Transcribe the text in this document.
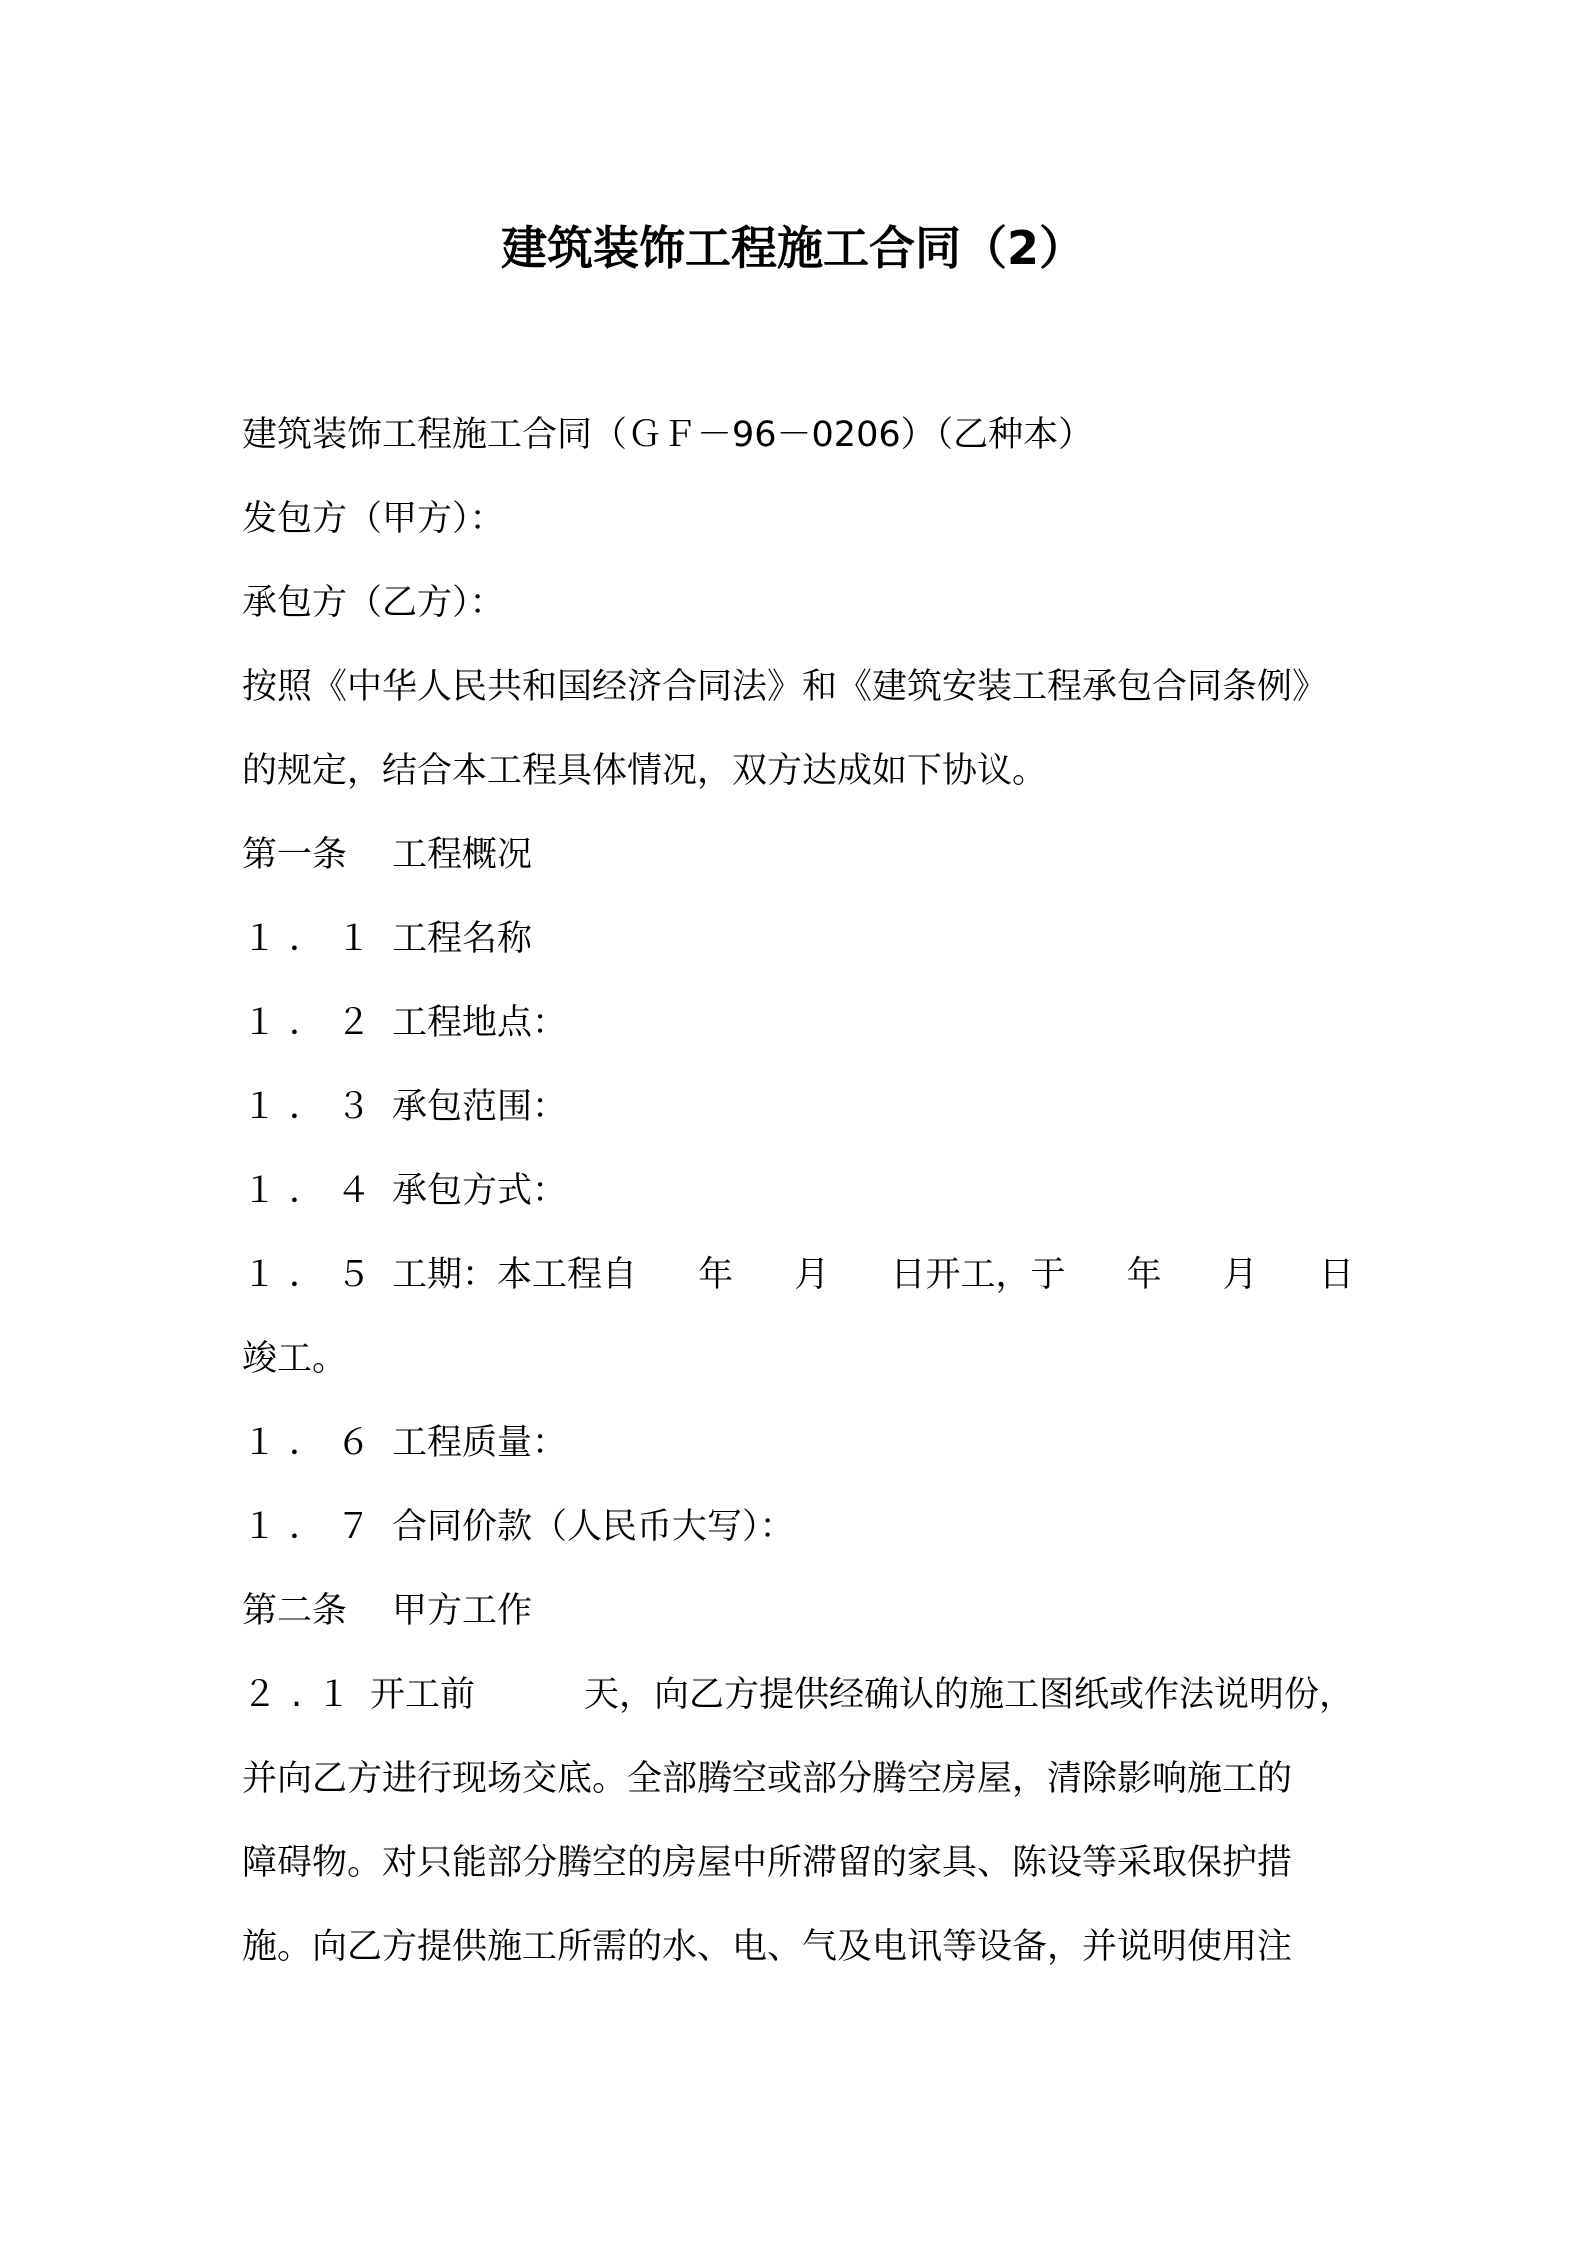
建筑装饰工程施工合同（2）
建筑装饰工程施工合同（ＧＦ－96－0206）（乙种本）
发包方（甲方）：
承包方（乙方）：
按照《中华人民共和国经济合同法》和《建筑安装工程承包合同条例》
的规定，结合本工程具体情况，双方达成如下协议。
第一条 工程概况
１．１ 工程名称
１．２ 工程地点：
１．３ 承包范围：
１．４ 承包方式：
１．５ 工期：本工程自 年 月 日开工，于 年 月 日
竣工。
１．６ 工程质量：
１．７ 合同价款（人民币大写）：
第二条 甲方工作
２.１ 开工前	天，向乙方提供经确认的施工图纸或作法说明份，
并向乙方进行现场交底。全部腾空或部分腾空房屋，清除影响施工的
障碍物。对只能部分腾空的房屋中所滞留的家具、陈设等采取保护措
施。向乙方提供施工所需的水、电、气及电讯等设备，并说明使用注
